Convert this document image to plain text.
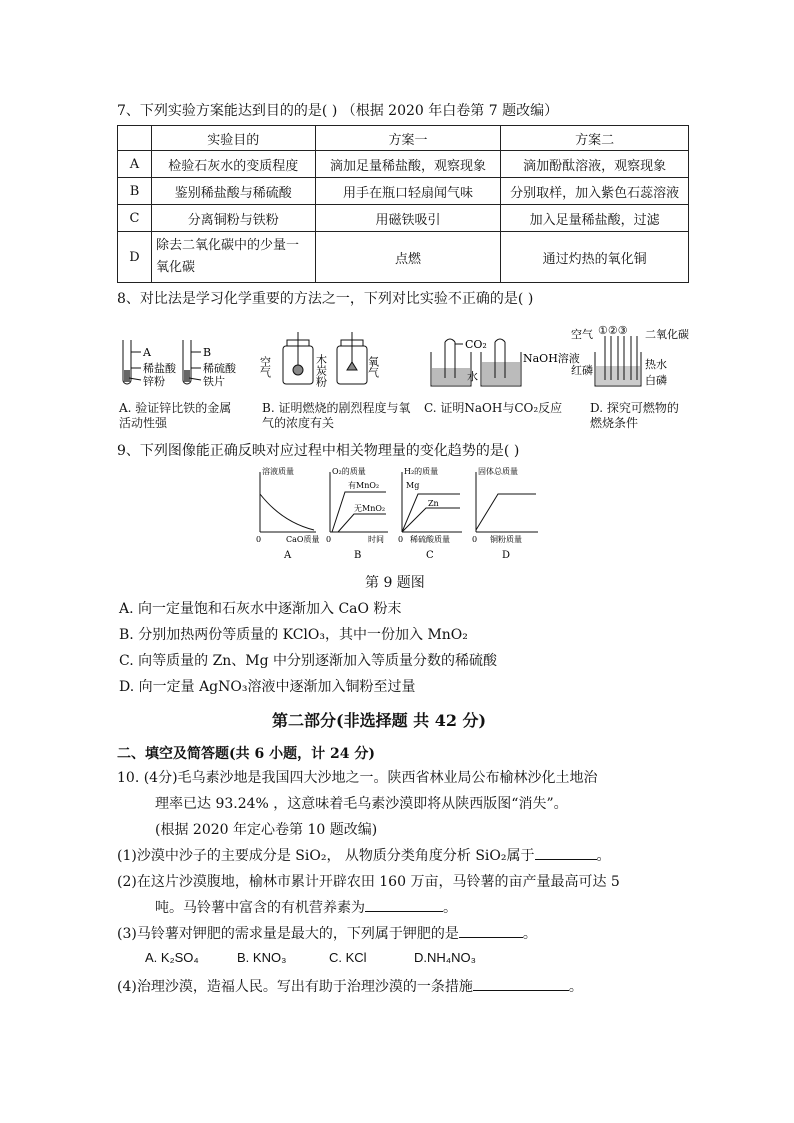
7、下列实验方案能达到目的的是( ) （根据 2020 年白卷第 7 题改编）
	实验目的	方案一	方案二
A	检验石灰水的变质程度	滴加足量稀盐酸，观察现象	滴加酚酞溶液，观察现象
B	鉴别稀盐酸与稀硫酸	用手在瓶口轻扇闻气味	分别取样，加入紫色石蕊溶液
C	分离铜粉与铁粉	用磁铁吸引	加入足量稀盐酸，过滤
D	除去二氧化碳中的少量一氧化碳	点燃	通过灼热的氧化铜
8、对比法是学习化学重要的方法之一，下列对比实验不正确的是( )
A	B
稀盐酸
锌粉
稀硫酸
铁片
空气	木炭粉	氧气
CO₂
水
NaOH溶液
①②③
空气	二氧化碳
红磷	热水
白磷
A. 验证锌比铁的金属活动性强
B. 证明燃烧的剧烈程度与氧气的浓度有关
C. 证明NaOH与CO₂反应 D. 探究可燃物的燃烧条件
9、下列图像能正确反映对应过程中相关物理量的变化趋势的是( )
溶液质量
CaO质量
0
A
O₂的质量
有MnO₂
无MnO₂
时间
0
B
H₂的质量
Mg
Zn
稀硫酸质量
0
C
固体总质量
铜粉质量
0
D
第 9 题图
A. 向一定量饱和石灰水中逐渐加入 CaO 粉末
B. 分别加热两份等质量的 KClO₃，其中一份加入 MnO₂
C. 向等质量的 Zn、Mg 中分别逐渐加入等质量分数的稀硫酸
D. 向一定量 AgNO₃溶液中逐渐加入铜粉至过量
第二部分(非选择题 共 42 分)
二、填空及简答题(共 6 小题，计 24 分)
10. (4分)毛乌素沙地是我国四大沙地之一。陕西省林业局公布榆林沙化土地治
理率已达 93.24% ，这意味着毛乌素沙漠即将从陕西版图“消失”。
(根据 2020 年定心卷第 10 题改编)
(1)沙漠中沙子的主要成分是 SiO₂， 从物质分类角度分析 SiO₂属于	。
(2)在这片沙漠腹地，榆林市累计开辟农田 160 万亩，马铃薯的亩产量最高可达 5
吨。马铃薯中富含的有机营养素为	。
(3)马铃薯对钾肥的需求量是最大的，下列属于钾肥的是	。
A. K₂SO₄	B. KNO₃	C. KCl	D.NH₄NO₃
(4)治理沙漠，造福人民。写出有助于治理沙漠的一条措施	。
